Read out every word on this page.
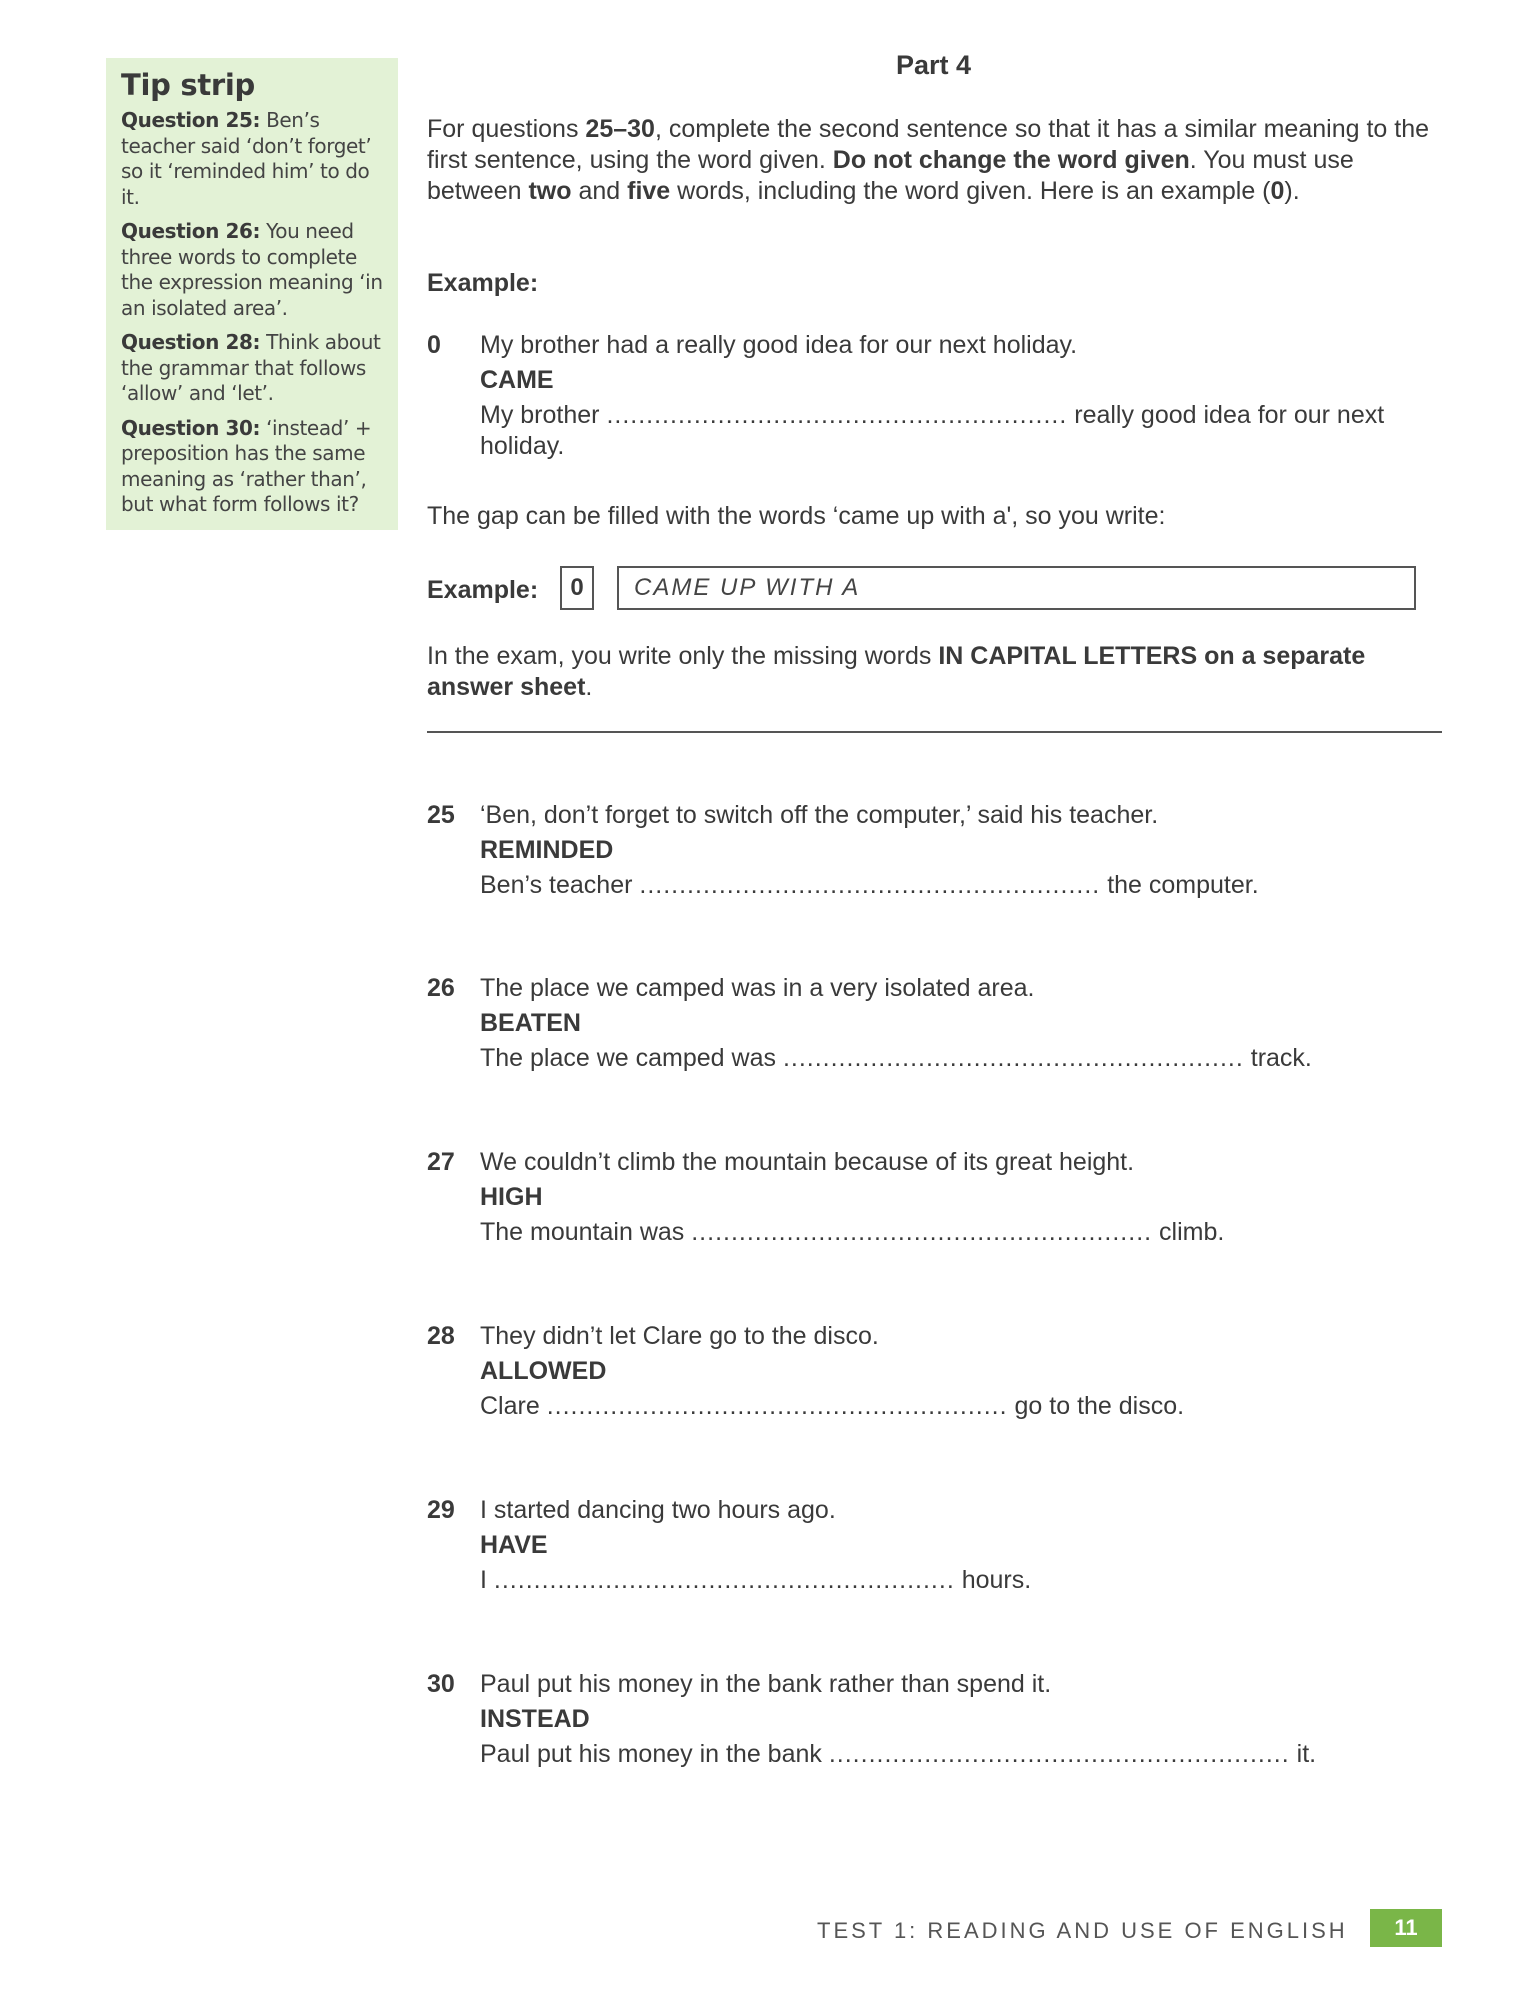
Tip strip

Question 25: Ben’s teacher said ‘don’t forget’ so it ‘reminded him’ to do it.

Question 26: You need three words to complete the expression meaning ‘in an isolated area’.

Question 28: Think about the grammar that follows ‘allow’ and ‘let’.

Question 30: ‘instead’ + preposition has the same meaning as ‘rather than’, but what form follows it?

Part 4

For questions 25–30, complete the second sentence so that it has a similar meaning to the first sentence, using the word given. Do not change the word given. You must use between two and five words, including the word given. Here is an example (0).

Example:
0 My brother had a really good idea for our next holiday.
CAME
My brother .......................................................... really good idea for our next holiday.
The gap can be filled with the words ‘came up with a', so you write:
Example:	0	CAME UP WITH A

In the exam, you write only the missing words IN CAPITAL LETTERS on a separate answer sheet.

25 ‘Ben, don’t forget to switch off the computer,’ said his teacher.
REMINDED
Ben’s teacher .......................................................... the computer.
26 The place we camped was in a very isolated area.
BEATEN
The place we camped was .......................................................... track.
27 We couldn’t climb the mountain because of its great height.
HIGH
The mountain was .......................................................... climb.
28 They didn’t let Clare go to the disco.
ALLOWED
Clare .......................................................... go to the disco.
29 I started dancing two hours ago.
HAVE
I .......................................................... hours.
30 Paul put his money in the bank rather than spend it.
INSTEAD
Paul put his money in the bank .......................................................... it.
TEST 1: READING AND USE OF ENGLISH	11
